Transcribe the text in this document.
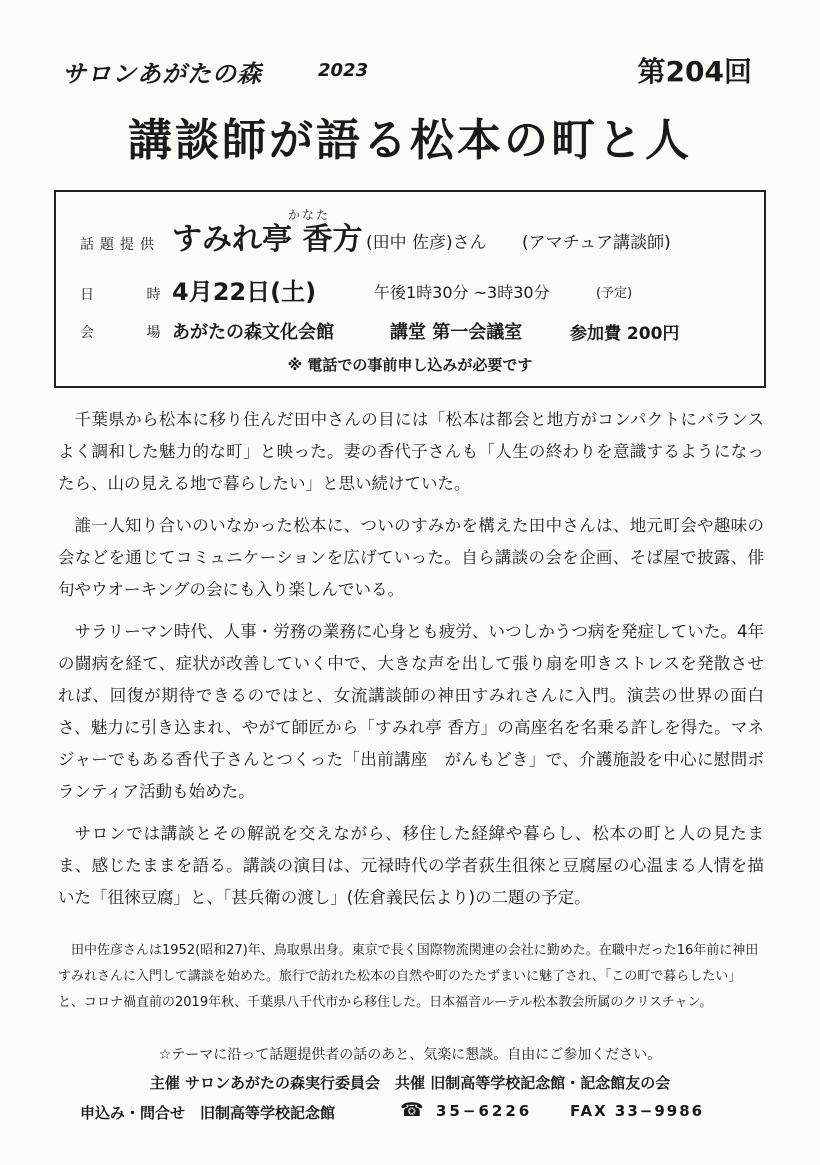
サロンあがたの森	2023	第204回
講談師が語る松本の町と人
話題提供
かなた
すみれ亭 香方 (田中 佐彦)さん (アマチュア講談師)
日 時
4月22日(土)	午後1時30分 ~3時30分	(予定)
会 場
あがたの森文化会館	講堂 第一会議室	参加費 200円
※ 電話での事前申し込みが必要です

千葉県から松本に移り住んだ田中さんの目には「松本は都会と地方がコンパクトにバランスよく調和した魅力的な町」と映った。妻の香代子さんも「人生の終わりを意識するようになったら、山の見える地で暮らしたい」と思い続けていた。

誰一人知り合いのいなかった松本に、ついのすみかを構えた田中さんは、地元町会や趣味の会などを通じてコミュニケーションを広げていった。自ら講談の会を企画、そば屋で披露、俳句やウオーキングの会にも入り楽しんでいる。

サラリーマン時代、人事・労務の業務に心身とも疲労、いつしかうつ病を発症していた。4年の闘病を経て、症状が改善していく中で、大きな声を出して張り扇を叩きストレスを発散させれば、回復が期待できるのではと、女流講談師の神田すみれさんに入門。演芸の世界の面白さ、魅力に引き込まれ、やがて師匠から「すみれ亭 香方」の高座名を名乗る許しを得た。マネジャーでもある香代子さんとつくった「出前講座　がんもどき」で、介護施設を中心に慰問ボランティア活動も始めた。

サロンでは講談とその解説を交えながら、移住した経緯や暮らし、松本の町と人の見たまま、感じたままを語る。講談の演目は、元禄時代の学者荻生徂徠と豆腐屋の心温まる人情を描いた「徂徠豆腐」と、「甚兵衛の渡し」(佐倉義民伝より)の二題の予定。

田中佐彦さんは1952(昭和27)年、鳥取県出身。東京で長く国際物流関連の会社に勤めた。在職中だった16年前に神田すみれさんに入門して講談を始めた。旅行で訪れた松本の自然や町のたたずまいに魅了され、「この町で暮らしたい」と、コロナ禍直前の2019年秋、千葉県八千代市から移住した。日本福音ルーテル松本教会所属のクリスチャン。
☆テーマに沿って話題提供者の話のあと、気楽に懇談。自由にご参加ください。
主催 サロンあがたの森実行委員会　共催 旧制高等学校記念館・記念館友の会
申込み・問合せ　旧制高等学校記念館	☎ 35−6226	FAX 33−9986
